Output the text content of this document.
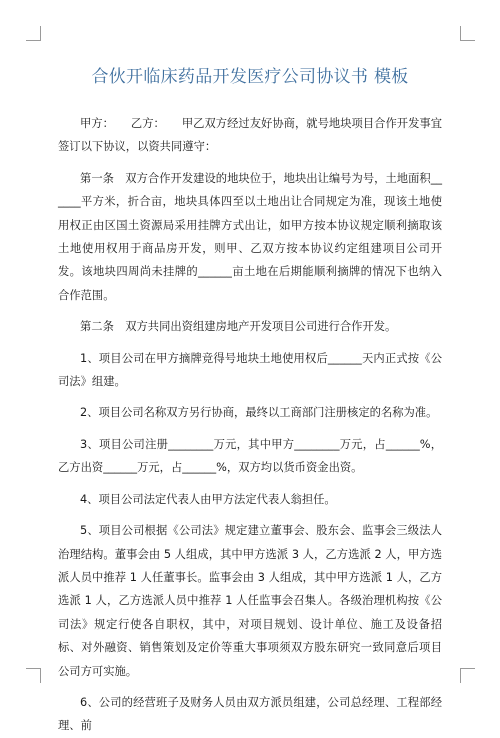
合伙开临床药品开发医疗公司协议书 模板

甲方：　　乙方：　　甲乙双方经过友好协商，就号地块项目合作开发事宜签订以下协议，以资共同遵守：

第一条　双方合作开发建设的地块位于，地块出让编号为号，土地面积______平方米，折合亩，地块具体四至以土地出让合同规定为准，现该土地使用权正由区国土资源局采用挂牌方式出让，如甲方按本协议规定顺利摘取该土地使用权用于商品房开发，则甲、乙双方按本协议约定组建项目公司开发。该地块四周尚未挂牌的______亩土地在后期能顺利摘牌的情况下也纳入合作范围。

第二条　双方共同出资组建房地产开发项目公司进行合作开发。

1、项目公司在甲方摘牌竞得号地块土地使用权后______天内正式按《公司法》组建。

2、项目公司名称双方另行协商，最终以工商部门注册核定的名称为准。

3、项目公司注册________万元，其中甲方________万元，占______%，乙方出资______万元，占______%，双方均以货币资金出资。

4、项目公司法定代表人由甲方法定代表人翁担任。

5、项目公司根据《公司法》规定建立董事会、股东会、监事会三级法人治理结构。董事会由 5 人组成，其中甲方选派 3 人，乙方选派 2 人，甲方选派人员中推荐 1 人任董事长。监事会由 3 人组成，其中甲方选派 1 人，乙方选派 1 人，乙方选派人员中推荐 1 人任监事会召集人。各级治理机构按《公司法》规定行使各自职权，其中，对项目规划、设计单位、施工及设备招标、对外融资、销售策划及定价等重大事项须双方股东研究一致同意后项目公司方可实施。

6、公司的经营班子及财务人员由双方派员组建，公司总经理、工程部经理、前
